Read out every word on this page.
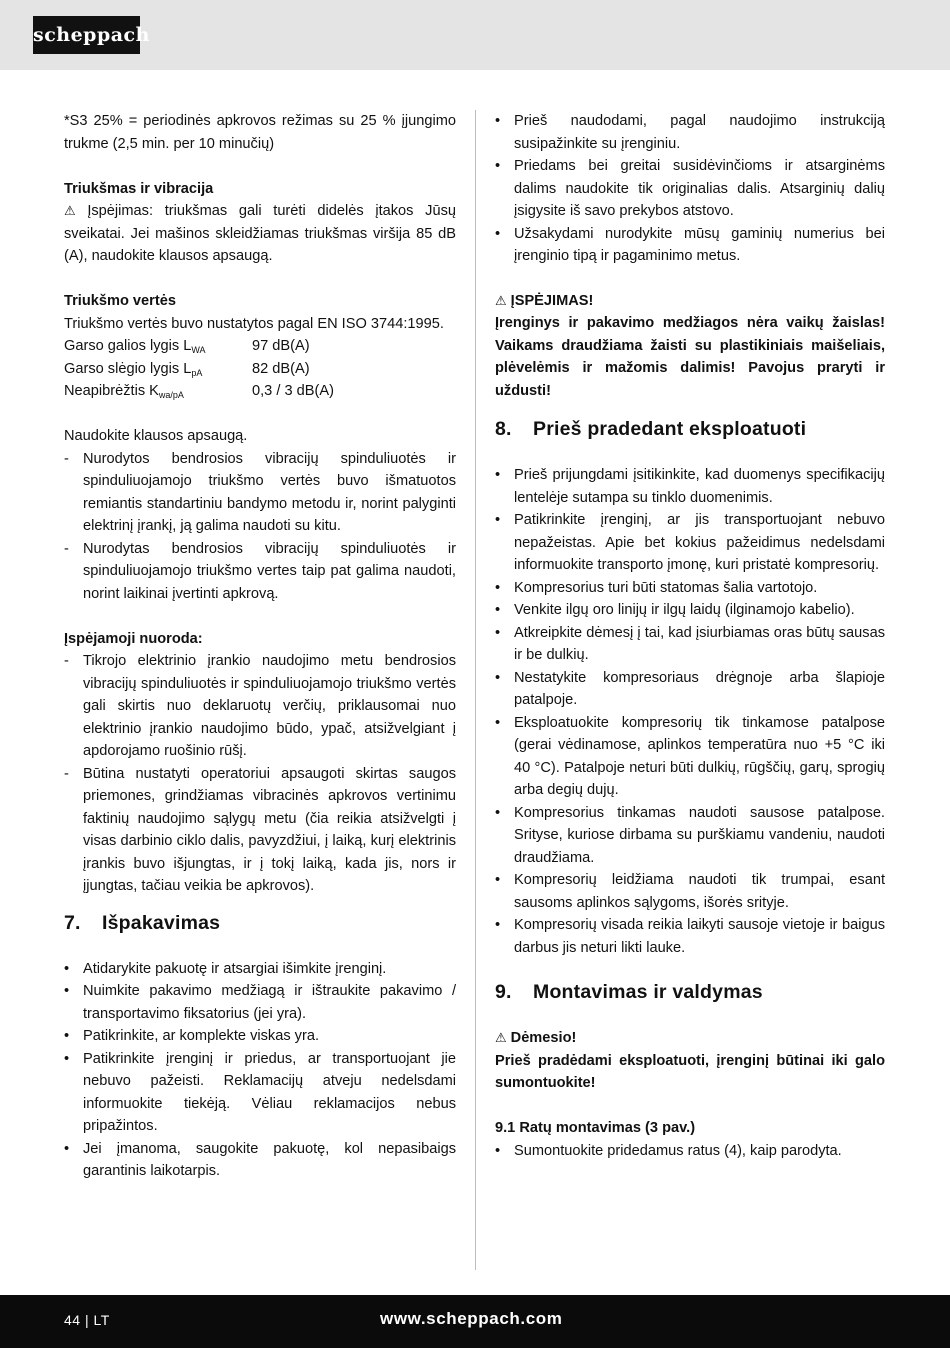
scheppach

*S3 25% = periodinės apkrovos režimas su 25 % įjungimo trukme (2,5 min. per 10 minučių)

Triukšmas ir vibracija

⚠ Įspėjimas: triukšmas gali turėti didelės įtakos Jūsų sveikatai. Jei mašinos skleidžiamas triukšmas viršija 85 dB (A), naudokite klausos apsaugą.

Triukšmo vertės

Triukšmo vertės buvo nustatytos pagal EN ISO 3744:1995.

Garso galios lygis $L_{WA}$	97 dB(A)
Garso slėgio lygis $L_{pA}$	82 dB(A)
Neapibrėžtis $K_{wa/pA}$	0,3 / 3 dB(A)

Naudokite klausos apsaugą.

- Nurodytos bendrosios vibracijų spinduliuotės ir spinduliuojamojo triukšmo vertės buvo išmatuotos remiantis standartiniu bandymo metodu ir, norint palyginti elektrinį įrankį, ją galima naudoti su kitu.
- Nurodytas bendrosios vibracijų spinduliuotės ir spinduliuojamojo triukšmo vertes taip pat galima naudoti, norint laikinai įvertinti apkrovą.

Įspėjamoji nuoroda:

- Tikrojo elektrinio įrankio naudojimo metu bendrosios vibracijų spinduliuotės ir spinduliuojamojo triukšmo vertės gali skirtis nuo deklaruotų verčių, priklausomai nuo elektrinio įrankio naudojimo būdo, ypač, atsižvelgiant į apdorojamo ruošinio rūšį.
- Būtina nustatyti operatoriui apsaugoti skirtas saugos priemones, grindžiamas vibracinės apkrovos vertinimu faktinių naudojimo sąlygų metu (čia reikia atsižvelgti į visas darbinio ciklo dalis, pavyzdžiui, į laiką, kurį elektrinis įrankis buvo išjungtas, ir į tokį laiką, kada jis, nors ir įjungtas, tačiau veikia be apkrovos).
7. Išpakavimas
• Atidarykite pakuotę ir atsargiai išimkite įrenginį.
• Nuimkite pakavimo medžiagą ir ištraukite pakavimo / transportavimo fiksatorius (jei yra).
• Patikrinkite, ar komplekte viskas yra.
• Patikrinkite įrenginį ir priedus, ar transportuojant jie nebuvo pažeisti. Reklamacijų atveju nedelsdami informuokite tiekėją. Vėliau reklamacijos nebus pripažintos.
• Jei įmanoma, saugokite pakuotę, kol nepasibaigs garantinis laikotarpis.
• Prieš naudodami, pagal naudojimo instrukciją susipažinkite su įrenginiu.
• Priedams bei greitai susidėvinčioms ir atsarginėms dalims naudokite tik originalias dalis. Atsarginių dalių įsigysite iš savo prekybos atstovo.
• Užsakydami nurodykite mūsų gaminių numerius bei įrenginio tipą ir pagaminimo metus.

⚠ ĮSPĖJIMAS!

Įrenginys ir pakavimo medžiagos nėra vaikų žaislas! Vaikams draudžiama žaisti su plastikiniais maišeliais, plėvelėmis ir mažomis dalimis! Pavojus praryti ir uždusti!

8. Prieš pradedant eksploatuoti
• Prieš prijungdami įsitikinkite, kad duomenys specifikacijų lentelėje sutampa su tinklo duomenimis.
• Patikrinkite įrenginį, ar jis transportuojant nebuvo nepažeistas. Apie bet kokius pažeidimus nedelsdami informuokite transporto įmonę, kuri pristatė kompresorių.
• Kompresorius turi būti statomas šalia vartotojo.
• Venkite ilgų oro linijų ir ilgų laidų (ilginamojo kabelio).
• Atkreipkite dėmesį į tai, kad įsiurbiamas oras būtų sausas ir be dulkių.
• Nestatykite kompresoriaus drėgnoje arba šlapioje patalpoje.
• Eksploatuokite kompresorių tik tinkamose patalpose (gerai vėdinamose, aplinkos temperatūra nuo +5 °C iki 40 °C). Patalpoje neturi būti dulkių, rūgščių, garų, sprogių arba degių dujų.
• Kompresorius tinkamas naudoti sausose patalpose. Srityse, kuriose dirbama su purškiamu vandeniu, naudoti draudžiama.
• Kompresorių leidžiama naudoti tik trumpai, esant sausoms aplinkos sąlygoms, išorės srityje.
• Kompresorių visada reikia laikyti sausoje vietoje ir baigus darbus jis neturi likti lauke.
9. Montavimas ir valdymas

⚠ Dėmesio!

Prieš pradėdami eksploatuoti, įrenginį būtinai iki galo sumontuokite!

9.1 Ratų montavimas (3 pav.)

• Sumontuokite pridedamus ratus (4), kaip parodyta.
44 | LT	www.scheppach.com
